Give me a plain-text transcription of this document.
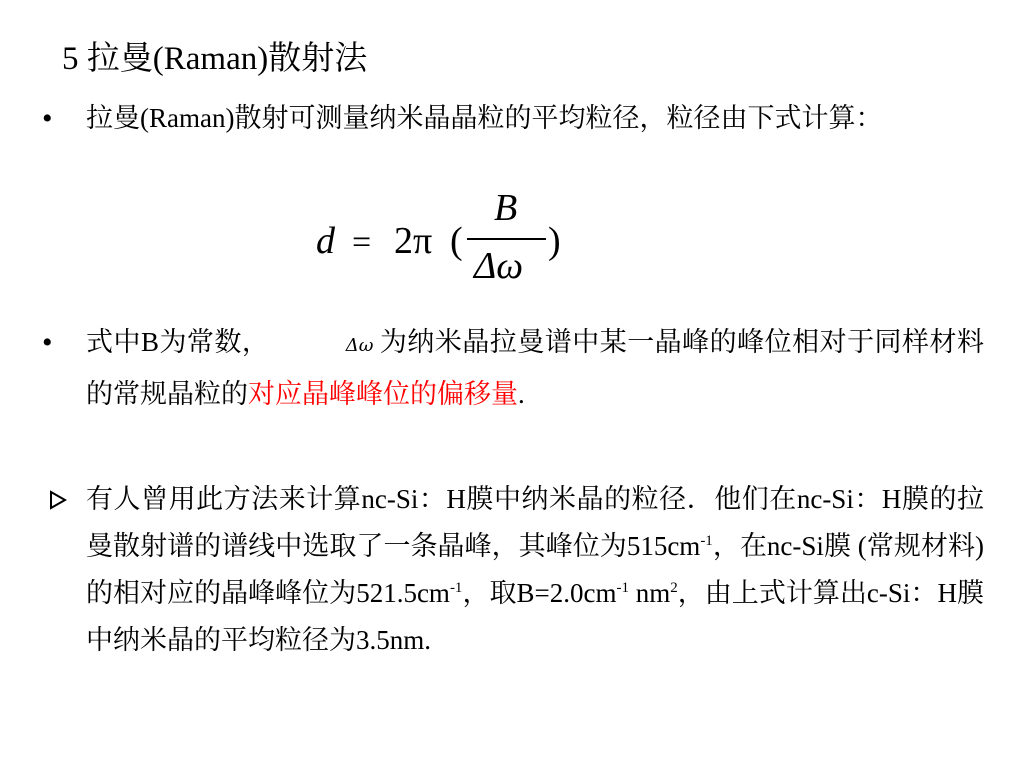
5 拉曼(Raman)散射法
• 拉曼(Raman)散射可测量纳米晶晶粒的平均粒径，粒径由下式计算：
d = 2π (
B
Δω
)
• 式中B为常数，	Δω 为纳米晶拉曼谱中某一晶峰的峰位相对于同样材料的常规晶粒的对应晶峰峰位的偏移量.
有人曾用此方法来计算nc-Si：H膜中纳米晶的粒径．他们在nc-Si：H膜的拉曼散射谱的谱线中选取了一条晶峰，其峰位为$515cm^{-1}$，在nc-Si膜 (常规材料)的相对应的晶峰峰位为$521.5cm^{-1}$，取$B=2.0cm^{-1}$ $nm^2$，由上式计算出c-Si：H膜中纳米晶的平均粒径为3.5nm.
